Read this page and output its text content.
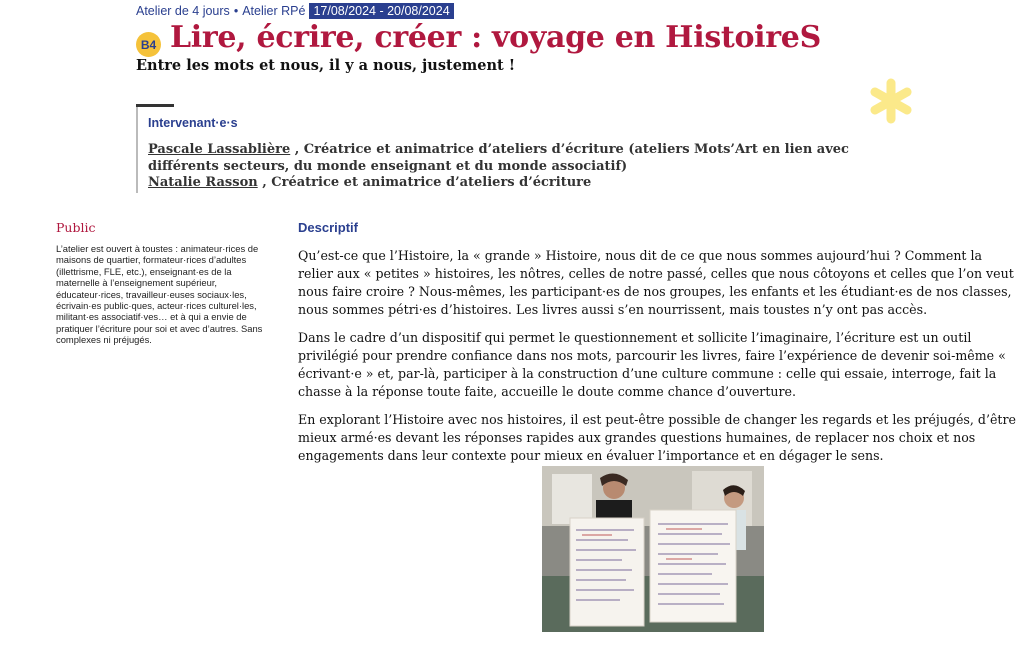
Atelier de 4 jours • Atelier RPé 17/08/2024 - 20/08/2024
B4 Lire, écrire, créer : voyage en HistoireS
Entre les mots et nous, il y a nous, justement !
Intervenant·e·s
Pascale Lassablière , Créatrice et animatrice d’ateliers d’écriture (ateliers Mots’Art en lien avec différents secteurs, du monde enseignant et du monde associatif)
Natalie Rasson , Créatrice et animatrice d’ateliers d’écriture
Public
L’atelier est ouvert à toustes : animateur·rices de maisons de quartier, formateur·rices d’adultes (illettrisme, FLE, etc.), enseignant·es de la maternelle à l’enseignement supérieur, éducateur·rices, travailleur·euses sociaux·les, écrivain·es public·ques, acteur·rices culturel·les, militant·es associatif·ves… et à qui a envie de pratiquer l’écriture pour soi et avec d’autres. Sans complexes ni préjugés.
Descriptif

Qu’est-ce que l’Histoire, la « grande » Histoire, nous dit de ce que nous sommes aujourd’hui ? Comment la relier aux « petites » histoires, les nôtres, celles de notre passé, celles que nous côtoyons et celles que l’on veut nous faire croire ? Nous-mêmes, les participant·es de nos groupes, les enfants et les étudiant·es de nos classes, nous sommes pétri·es d’histoires. Les livres aussi s’en nourrissent, mais toustes n’y ont pas accès.

Dans le cadre d’un dispositif qui permet le questionnement et sollicite l’imaginaire, l’écriture est un outil privilégié pour prendre confiance dans nos mots, parcourir les livres, faire l’expérience de devenir soi-même « écrivant·e » et, par-là, participer à la construction d’une culture commune : celle qui essaie, interroge, fait la chasse à la réponse toute faite, accueille le doute comme chance d’ouverture.

En explorant l’Histoire avec nos histoires, il est peut-être possible de changer les regards et les préjugés, d’être mieux armé·es devant les réponses rapides aux grandes questions humaines, de replacer nos choix et nos engagements dans leur contexte pour mieux en évaluer l’importance et en dégager le sens.
